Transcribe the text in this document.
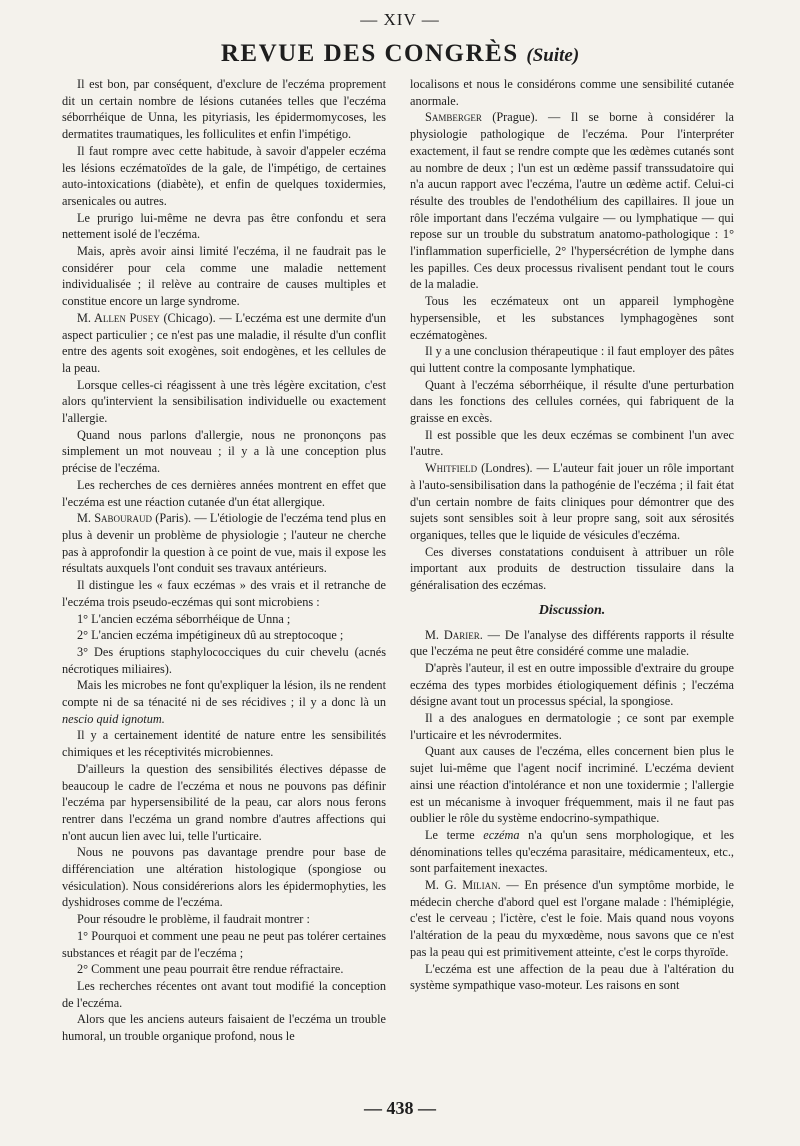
— XIV —
REVUE DES CONGRÈS (Suite)

Il est bon, par conséquent, d'exclure de l'eczéma proprement dit un certain nombre de lésions cutanées telles que l'eczéma séborrhéique de Unna, les pityriasis, les épidermomycoses, les dermatites traumatiques, les folliculites et enfin l'impétigo.

Il faut rompre avec cette habitude, à savoir d'appeler eczéma les lésions eczématoïdes de la gale, de l'impétigo, de certaines auto-intoxications (diabète), et enfin de quelques toxidermies, arsenicales ou autres.

Le prurigo lui-même ne devra pas être confondu et sera nettement isolé de l'eczéma.

Mais, après avoir ainsi limité l'eczéma, il ne faudrait pas le considérer pour cela comme une maladie nettement individualisée ; il relève au contraire de causes multiples et constitue encore un large syndrome.

M. Allen Pusey (Chicago). — L'eczéma est une dermite d'un aspect particulier ; ce n'est pas une maladie, il résulte d'un conflit entre des agents soit exogènes, soit endogènes, et les cellules de la peau.

Lorsque celles-ci réagissent à une très légère excitation, c'est alors qu'intervient la sensibilisation individuelle ou exactement l'allergie.

Quand nous parlons d'allergie, nous ne prononçons pas simplement un mot nouveau ; il y a là une conception plus précise de l'eczéma.

Les recherches de ces dernières années montrent en effet que l'eczéma est une réaction cutanée d'un état allergique.

M. Sabouraud (Paris). — L'étiologie de l'eczéma tend plus en plus à devenir un problème de physiologie ; l'auteur ne cherche pas à approfondir la question à ce point de vue, mais il expose les résultats auxquels l'ont conduit ses travaux antérieurs.

Il distingue les « faux eczémas » des vrais et il retranche de l'eczéma trois pseudo-eczémas qui sont microbiens :

1° L'ancien eczéma séborrhéique de Unna ;

2° L'ancien eczéma impétigineux dû au streptocoque ;

3° Des éruptions staphylococciques du cuir chevelu (acnés nécrotiques miliaires).

Mais les microbes ne font qu'expliquer la lésion, ils ne rendent compte ni de sa ténacité ni de ses récidives ; il y a donc là un nescio quid ignotum.

Il y a certainement identité de nature entre les sensibilités chimiques et les réceptivités microbiennes.

D'ailleurs la question des sensibilités électives dépasse de beaucoup le cadre de l'eczéma et nous ne pouvons pas définir l'eczéma par hypersensibilité de la peau, car alors nous ferons rentrer dans l'eczéma un grand nombre d'autres affections qui n'ont aucun lien avec lui, telle l'urticaire.

Nous ne pouvons pas davantage prendre pour base de différenciation une altération histologique (spongiose ou vésiculation). Nous considérerions alors les épidermophyties, les dyshidroses comme de l'eczéma.

Pour résoudre le problème, il faudrait montrer :

1° Pourquoi et comment une peau ne peut pas tolérer certaines substances et réagit par de l'eczéma ;

2° Comment une peau pourrait être rendue réfractaire.

Les recherches récentes ont avant tout modifié la conception de l'eczéma.

Alors que les anciens auteurs faisaient de l'eczéma un trouble humoral, un trouble organique profond, nous le

localisons et nous le considérons comme une sensibilité cutanée anormale.

Samberger (Prague). — Il se borne à considérer la physiologie pathologique de l'eczéma. Pour l'interpréter exactement, il faut se rendre compte que les œdèmes cutanés sont au nombre de deux ; l'un est un œdème passif transsudatoire qui n'a aucun rapport avec l'eczéma, l'autre un œdème actif. Celui-ci résulte des troubles de l'endothélium des capillaires. Il joue un rôle important dans l'eczéma vulgaire — ou lymphatique — qui repose sur un trouble du substratum anatomo-pathologique : 1° l'inflammation superficielle, 2° l'hypersécrétion de lymphe dans les papilles. Ces deux processus rivalisent pendant tout le cours de la maladie.

Tous les eczémateux ont un appareil lymphogène hypersensible, et les substances lymphagogènes sont eczématogènes.

Il y a une conclusion thérapeutique : il faut employer des pâtes qui luttent contre la composante lymphatique.

Quant à l'eczéma séborrhéique, il résulte d'une perturbation dans les fonctions des cellules cornées, qui fabriquent de la graisse en excès.

Il est possible que les deux eczémas se combinent l'un avec l'autre.

Whitfield (Londres). — L'auteur fait jouer un rôle important à l'auto-sensibilisation dans la pathogénie de l'eczéma ; il fait état d'un certain nombre de faits cliniques pour démontrer que des sujets sont sensibles soit à leur propre sang, soit aux sérosités organiques, telles que le liquide de vésicules d'eczéma.

Ces diverses constatations conduisent à attribuer un rôle important aux produits de destruction tissulaire dans la généralisation des eczémas.

Discussion.

M. Darier. — De l'analyse des différents rapports il résulte que l'eczéma ne peut être considéré comme une maladie.

D'après l'auteur, il est en outre impossible d'extraire du groupe eczéma des types morbides étiologiquement définis ; l'eczéma désigne avant tout un processus spécial, la spongiose.

Il a des analogues en dermatologie ; ce sont par exemple l'urticaire et les névrodermites.

Quant aux causes de l'eczéma, elles concernent bien plus le sujet lui-même que l'agent nocif incriminé. L'eczéma devient ainsi une réaction d'intolérance et non une toxidermie ; l'allergie est un mécanisme à invoquer fréquemment, mais il ne faut pas oublier le rôle du système endocrino-sympathique.

Le terme eczéma n'a qu'un sens morphologique, et les dénominations telles qu'eczéma parasitaire, médicamenteux, etc., sont parfaitement inexactes.

M. G. Milian. — En présence d'un symptôme morbide, le médecin cherche d'abord quel est l'organe malade : l'hémiplégie, c'est le cerveau ; l'ictère, c'est le foie. Mais quand nous voyons l'altération de la peau du myxœdème, nous savons que ce n'est pas la peau qui est primitivement atteinte, c'est le corps thyroïde.

L'eczéma est une affection de la peau due à l'altération du système sympathique vaso-moteur. Les raisons en sont

— 438 —
